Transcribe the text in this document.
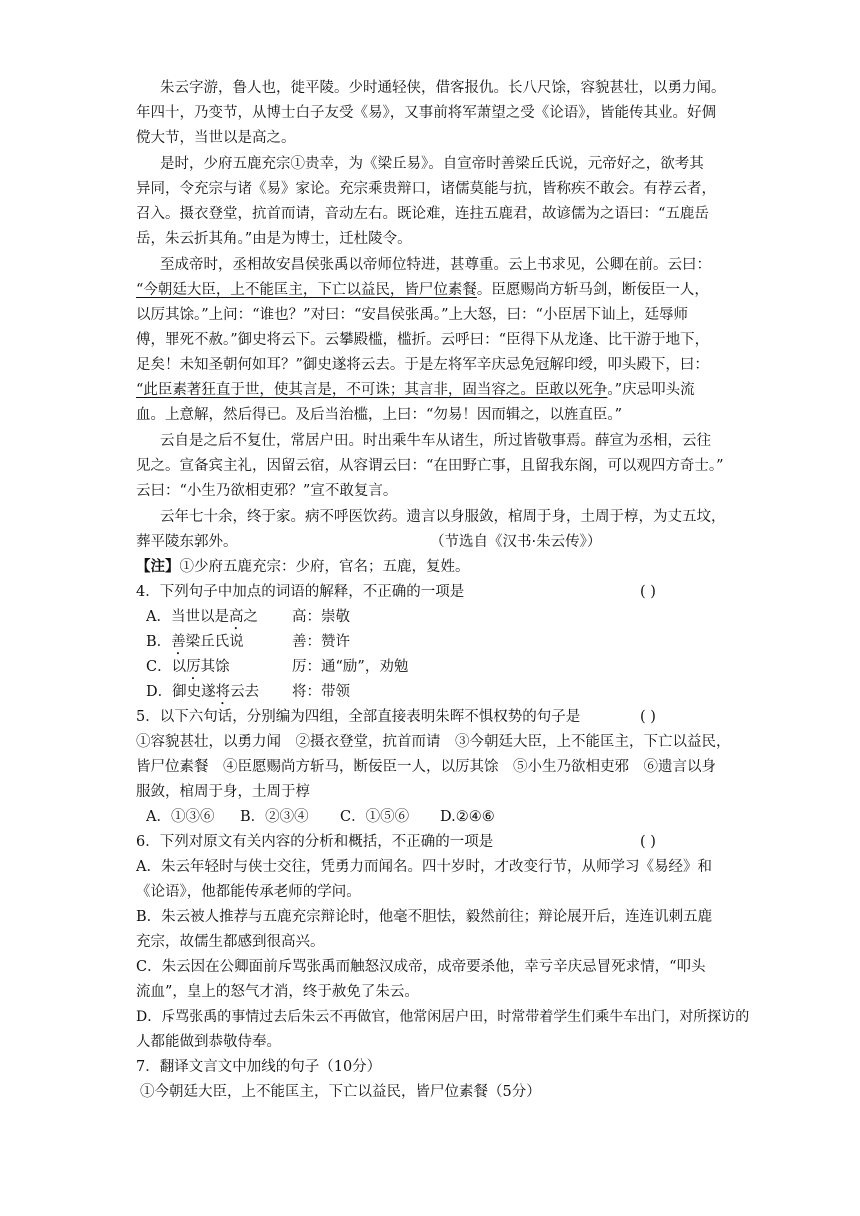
朱云字游，鲁人也，徙平陵。少时通轻侠，借客报仇。长八尺馀，容貌甚壮，以勇力闻。
年四十，乃变节，从博士白子友受《易》，又事前将军萧望之受《论语》，皆能传其业。好倜
傥大节，当世以是高之。
是时，少府五鹿充宗①贵幸，为《梁丘易》。自宣帝时善梁丘氏说，元帝好之，欲考其
异同，令充宗与诸《易》家论。充宗乘贵辩口，诸儒莫能与抗，皆称疾不敢会。有荐云者，
召入。摄衣登堂，抗首而请，音动左右。既论难，连拄五鹿君，故谚儒为之语曰：“五鹿岳
岳，朱云折其角。”由是为博士，迁杜陵令。
至成帝时，丞相故安昌侯张禹以帝师位特进，甚尊重。云上书求见，公卿在前。云曰：
“今朝廷大臣，上不能匡主，下亡以益民，皆尸位素餐。臣愿赐尚方斩马剑，断佞臣一人，
以厉其馀。”上问：“谁也？”对曰：“安昌侯张禹。”上大怒，曰：“小臣居下讪上，廷辱师
傅，罪死不赦。”御史将云下。云攀殿槛，槛折。云呼曰：“臣得下从龙逢、比干游于地下，
足矣！未知圣朝何如耳？”御史遂将云去。于是左将军辛庆忌免冠解印绶，叩头殿下，曰：
“此臣素著狂直于世，使其言是，不可诛；其言非，固当容之。臣敢以死争。”庆忌叩头流
血。上意解，然后得已。及后当治槛，上曰：“勿易！因而辑之，以旌直臣。”
云自是之后不复仕，常居户田。时出乘牛车从诸生，所过皆敬事焉。薛宣为丞相，云往
见之。宣备宾主礼，因留云宿，从容谓云曰：“在田野亡事，且留我东阁，可以观四方奇士。”
云曰：“小生乃欲相吏邪？”宣不敢复言。
云年七十余，终于家。病不呼医饮药。遗言以身服敛，棺周于身，土周于椁，为丈五坟，
葬平陵东郭外。	（节选自《汉书·朱云传》）
【注】①少府五鹿充宗：少府，官名；五鹿，复姓。
4．下列句子中加点的词语的解释，不正确的一项是	( )
A．当世以是高之 高：崇敬
B．善梁丘氏说	善：赞许
C．以厉其馀	厉：通“励”，劝勉
D．御史遂将云去 将：带领
5．以下六句话，分别编为四组，全部直接表明朱晖不惧权势的句子是	( )
①容貌甚壮，以勇力闻　②摄衣登堂，抗首而请　③今朝廷大臣，上不能匡主，下亡以益民，
皆尸位素餐　④臣愿赐尚方斩马，断佞臣一人，以厉其馀　⑤小生乃欲相吏邪　⑥遗言以身
服敛，棺周于身，土周于椁
A．①③⑥ B．②③④ C．①⑤⑥ D.②④⑥
6．下列对原文有关内容的分析和概括，不正确的一项是	( )
A．朱云年轻时与侠士交往，凭勇力而闻名。四十岁时，才改变行节，从师学习《易经》和
《论语》，他都能传承老师的学问。
B．朱云被人推荐与五鹿充宗辩论时，他毫不胆怯，毅然前往；辩论展开后，连连讥刺五鹿
充宗，故儒生都感到很高兴。
C．朱云因在公卿面前斥骂张禹而触怒汉成帝，成帝要杀他，幸亏辛庆忌冒死求情，“叩头
流血”，皇上的怒气才消，终于赦免了朱云。
D．斥骂张禹的事情过去后朱云不再做官，他常闲居户田，时常带着学生们乘牛车出门，对所探访的
人都能做到恭敬侍奉。
7．翻译文言文中加线的句子（10分）
①今朝廷大臣，上不能匡主，下亡以益民，皆尸位素餐（5分）
